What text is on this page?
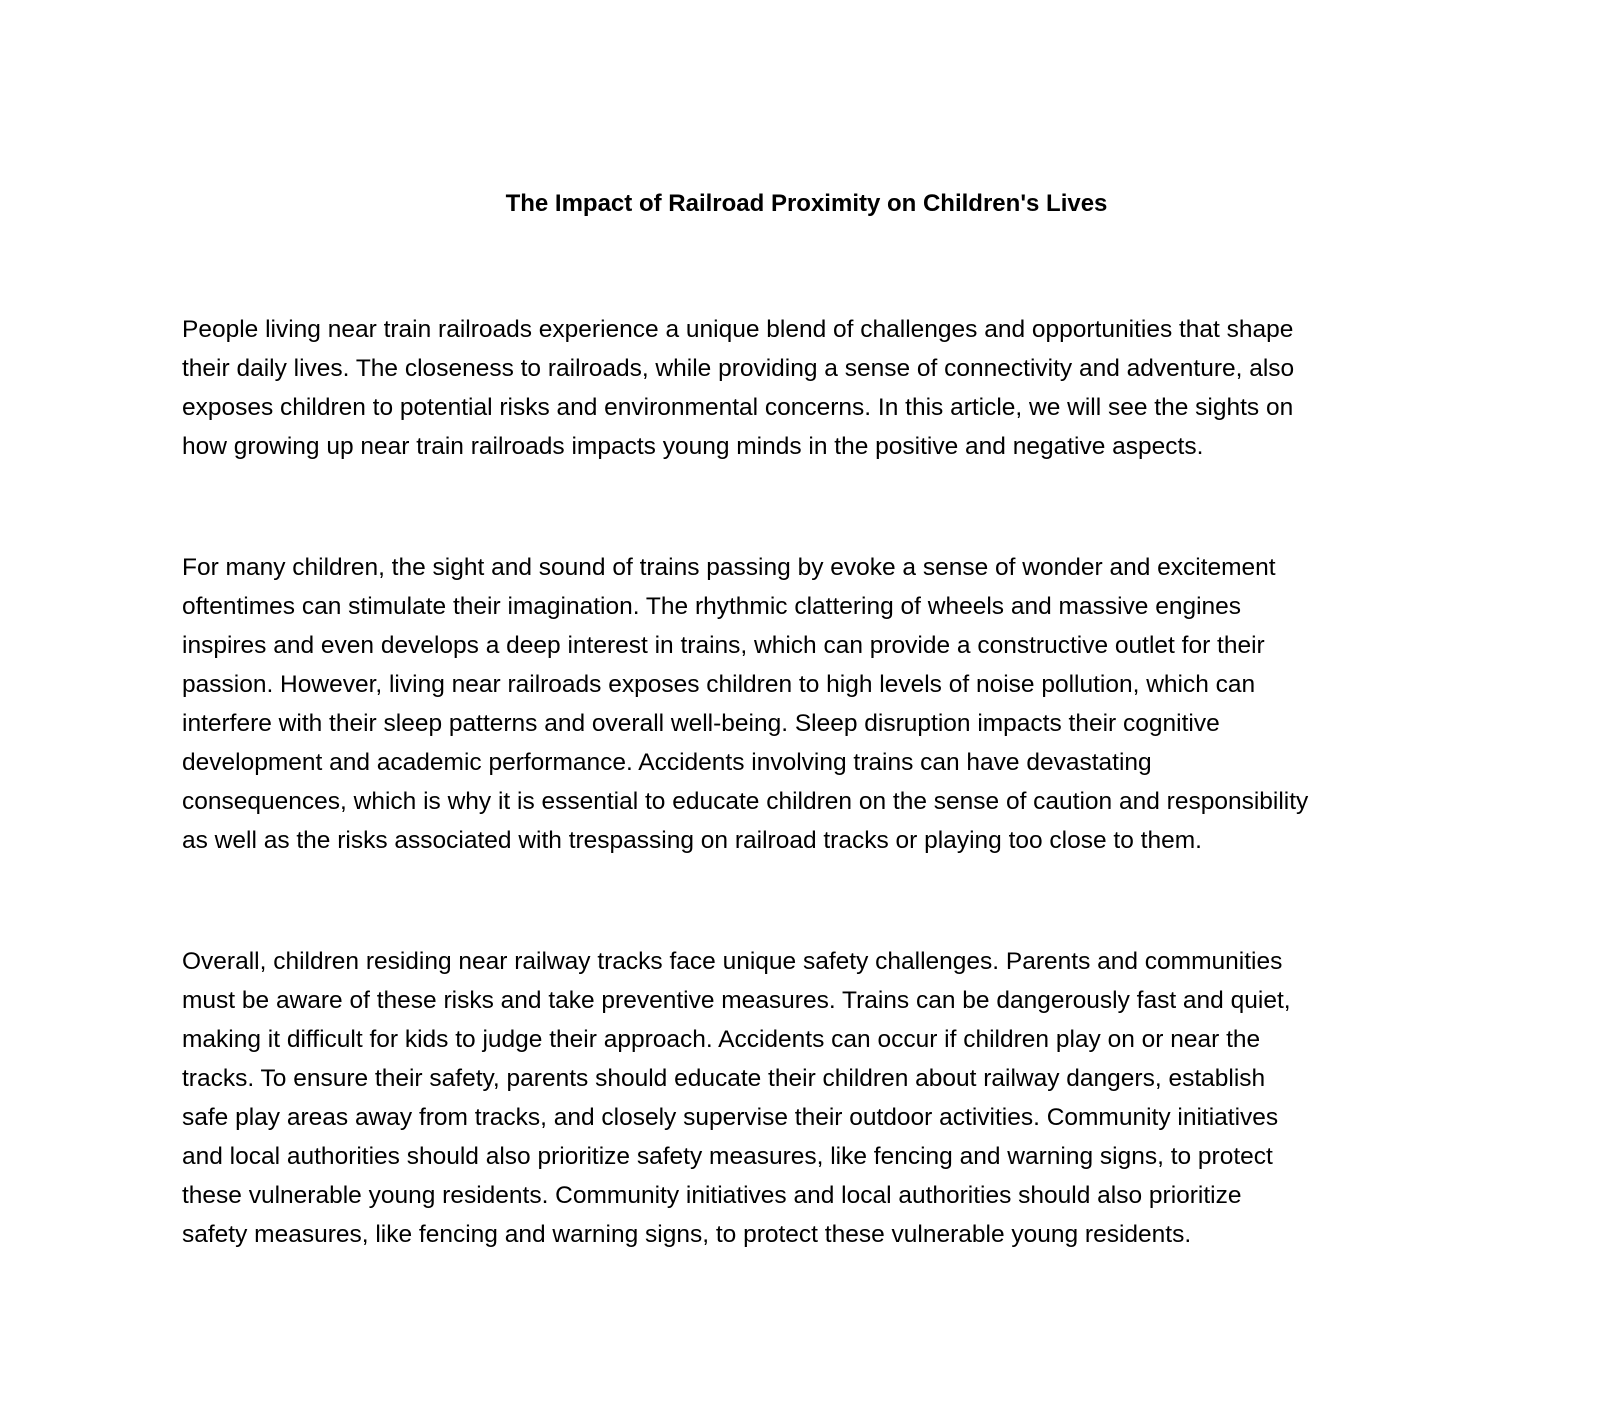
The Impact of Railroad Proximity on Children's Lives

People living near train railroads experience a unique blend of challenges and opportunities that shape
their daily lives. The closeness to railroads, while providing a sense of connectivity and adventure, also
exposes children to potential risks and environmental concerns. In this article, we will see the sights on
how growing up near train railroads impacts young minds in the positive and negative aspects.

For many children, the sight and sound of trains passing by evoke a sense of wonder and excitement
oftentimes can stimulate their imagination. The rhythmic clattering of wheels and massive engines
inspires and even develops a deep interest in trains, which can provide a constructive outlet for their
passion. However, living near railroads exposes children to high levels of noise pollution, which can
interfere with their sleep patterns and overall well-being. Sleep disruption impacts their cognitive
development and academic performance. Accidents involving trains can have devastating
consequences, which is why it is essential to educate children on the sense of caution and responsibility
as well as the risks associated with trespassing on railroad tracks or playing too close to them.

Overall, children residing near railway tracks face unique safety challenges. Parents and communities
must be aware of these risks and take preventive measures. Trains can be dangerously fast and quiet,
making it difficult for kids to judge their approach. Accidents can occur if children play on or near the
tracks. To ensure their safety, parents should educate their children about railway dangers, establish
safe play areas away from tracks, and closely supervise their outdoor activities. Community initiatives
and local authorities should also prioritize safety measures, like fencing and warning signs, to protect
these vulnerable young residents. Community initiatives and local authorities should also prioritize
safety measures, like fencing and warning signs, to protect these vulnerable young residents.
